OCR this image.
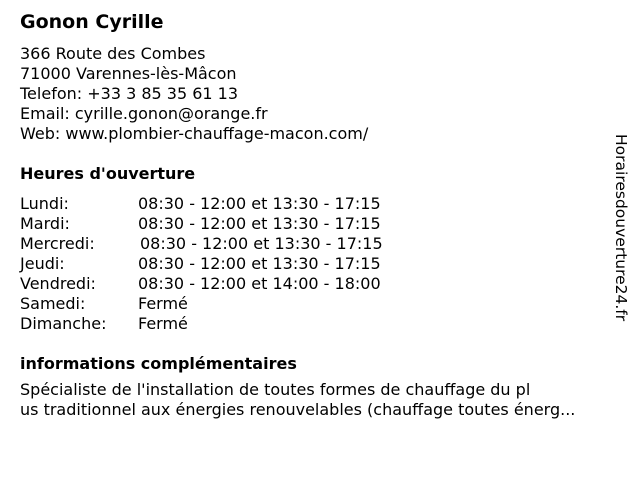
Gonon Cyrille
366 Route des Combes
71000 Varennes-lès-Mâcon
Telefon: +33 3 85 35 61 13
Email: cyrille.gonon@orange.fr
Web: www.plombier-chauffage-macon.com/
Heures d'ouverture
Lundi:	08:30 - 12:00 et 13:30 - 17:15
Mardi:	08:30 - 12:00 et 13:30 - 17:15
Mercredi:	08:30 - 12:00 et 13:30 - 17:15
Jeudi:	08:30 - 12:00 et 13:30 - 17:15
Vendredi:	08:30 - 12:00 et 14:00 - 18:00
Samedi:	Fermé
Dimanche: Fermé
informations complémentaires
Spécialiste de l'installation de toutes formes de chauffage du pl
us traditionnel aux énergies renouvelables (chauffage toutes énerg...
Horairesdouverture24.fr
